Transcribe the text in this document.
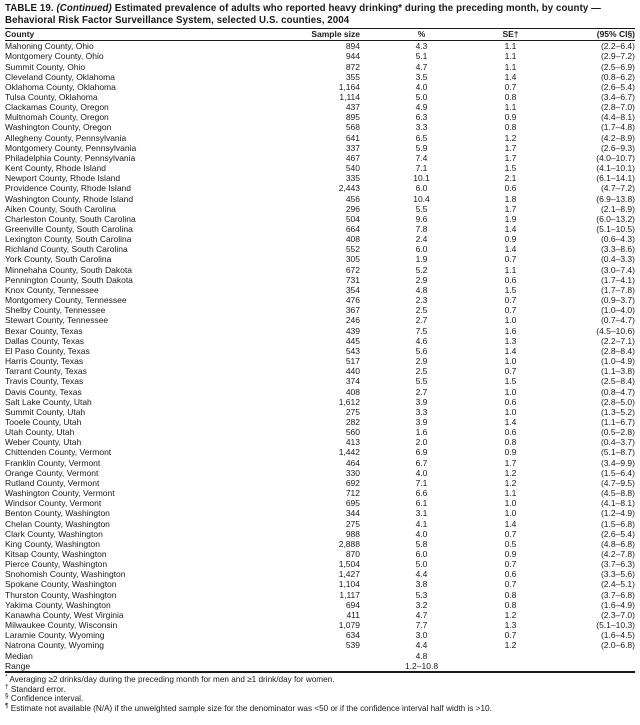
TABLE 19. (Continued) Estimated prevalence of adults who reported heavy drinking* during the preceding month, by county —
Behavioral Risk Factor Surveillance System, selected U.S. counties, 2004
County	Sample size	%	SE†	(95% CI§)
Mahoning County, Ohio	894	4.3	1.1	(2.2–6.4)
Montgomery County, Ohio	944	5.1	1.1	(2.9–7.2)
Summit County, Ohio	872	4.7	1.1	(2.5–6.9)
Cleveland County, Oklahoma	355	3.5	1.4	(0.8–6.2)
Oklahoma County, Oklahoma	1,164	4.0	0.7	(2.6–5.4)
Tulsa County, Oklahoma	1,114	5.0	0.8	(3.4–6.7)
Clackamas County, Oregon	437	4.9	1.1	(2.8–7.0)
Multnomah County, Oregon	895	6.3	0.9	(4.4–8.1)
Washington County, Oregon	568	3.3	0.8	(1.7–4.8)
Allegheny County, Pennsylvania	641	6.5	1.2	(4.2–8.9)
Montgomery County, Pennsylvania	337	5.9	1.7	(2.6–9.3)
Philadelphia County, Pennsylvania	467	7.4	1.7	(4.0–10.7)
Kent County, Rhode Island	540	7.1	1.5	(4.1–10.1)
Newport County, Rhode Island	335	10.1	2.1	(6.1–14.1)
Providence County, Rhode Island	2,443	6.0	0.6	(4.7–7.2)
Washington County, Rhode Island	456	10.4	1.8	(6.9–13.8)
Aiken County, South Carolina	296	5.5	1.7	(2.1–8.9)
Charleston County, South Carolina	504	9.6	1.9	(6.0–13.2)
Greenville County, South Carolina	664	7.8	1.4	(5.1–10.5)
Lexington County, South Carolina	408	2.4	0.9	(0.6–4.3)
Richland County, South Carolina	552	6.0	1.4	(3.3–8.6)
York County, South Carolina	305	1.9	0.7	(0.4–3.3)
Minnehaha County, South Dakota	672	5.2	1.1	(3.0–7.4)
Pennington County, South Dakota	731	2.9	0.6	(1.7–4.1)
Knox County, Tennessee	354	4.8	1.5	(1.7–7.8)
Montgomery County, Tennessee	476	2.3	0.7	(0.9–3.7)
Shelby County, Tennessee	367	2.5	0.7	(1.0–4.0)
Stewart County, Tennessee	246	2.7	1.0	(0.7–4.7)
Bexar County, Texas	439	7.5	1.6	(4.5–10.6)
Dallas County, Texas	445	4.6	1.3	(2.2–7.1)
El Paso County, Texas	543	5.6	1.4	(2.8–8.4)
Harris County, Texas	517	2.9	1.0	(1.0–4.9)
Tarrant County, Texas	440	2.5	0.7	(1.1–3.8)
Travis County, Texas	374	5.5	1.5	(2.5–8.4)
Davis County, Texas	408	2.7	1.0	(0.8–4.7)
Salt Lake County, Utah	1,612	3.9	0.6	(2.8–5.0)
Summit County, Utah	275	3.3	1.0	(1.3–5.2)
Tooele County, Utah	282	3.9	1.4	(1.1–6.7)
Utah County, Utah	560	1.6	0.6	(0.5–2.8)
Weber County, Utah	413	2.0	0.8	(0.4–3.7)
Chittenden County, Vermont	1,442	6.9	0.9	(5.1–8.7)
Franklin County, Vermont	464	6.7	1.7	(3.4–9.9)
Orange County, Vermont	330	4.0	1.2	(1.5–6.4)
Rutland County, Vermont	692	7.1	1.2	(4.7–9.5)
Washington County, Vermont	712	6.6	1.1	(4.5–8.8)
Windsor County, Vermont	695	6.1	1.0	(4.1–8.1)
Benton County, Washington	344	3.1	1.0	(1.2–4.9)
Chelan County, Washington	275	4.1	1.4	(1.5–6.8)
Clark County, Washington	988	4.0	0.7	(2.6–5.4)
King County, Washington	2,888	5.8	0.5	(4.8–6.8)
Kitsap County, Washington	870	6.0	0.9	(4.2–7.8)
Pierce County, Washington	1,504	5.0	0.7	(3.7–6.3)
Snohomish County, Washington	1,427	4.4	0.6	(3.3–5.6)
Spokane County, Washington	1,104	3.8	0.7	(2.4–5.1)
Thurston County, Washington	1,117	5.3	0.8	(3.7–6.8)
Yakima County, Washington	694	3.2	0.8	(1.6–4.9)
Kanawha County, West Virginia	411	4.7	1.2	(2.3–7.0)
Milwaukee County, Wisconsin	1,079	7.7	1.3	(5.1–10.3)
Laramie County, Wyoming	634	3.0	0.7	(1.6–4.5)
Natrona County, Wyoming	539	4.4	1.2	(2.0–6.8)
Median		4.8		
Range		1.2–10.8		
* Averaging ≥2 drinks/day during the preceding month for men and ≥1 drink/day for women.
† Standard error.
§ Confidence interval.
¶ Estimate not available (N/A) if the unweighted sample size for the denominator was <50 or if the confidence interval half width is >10.
